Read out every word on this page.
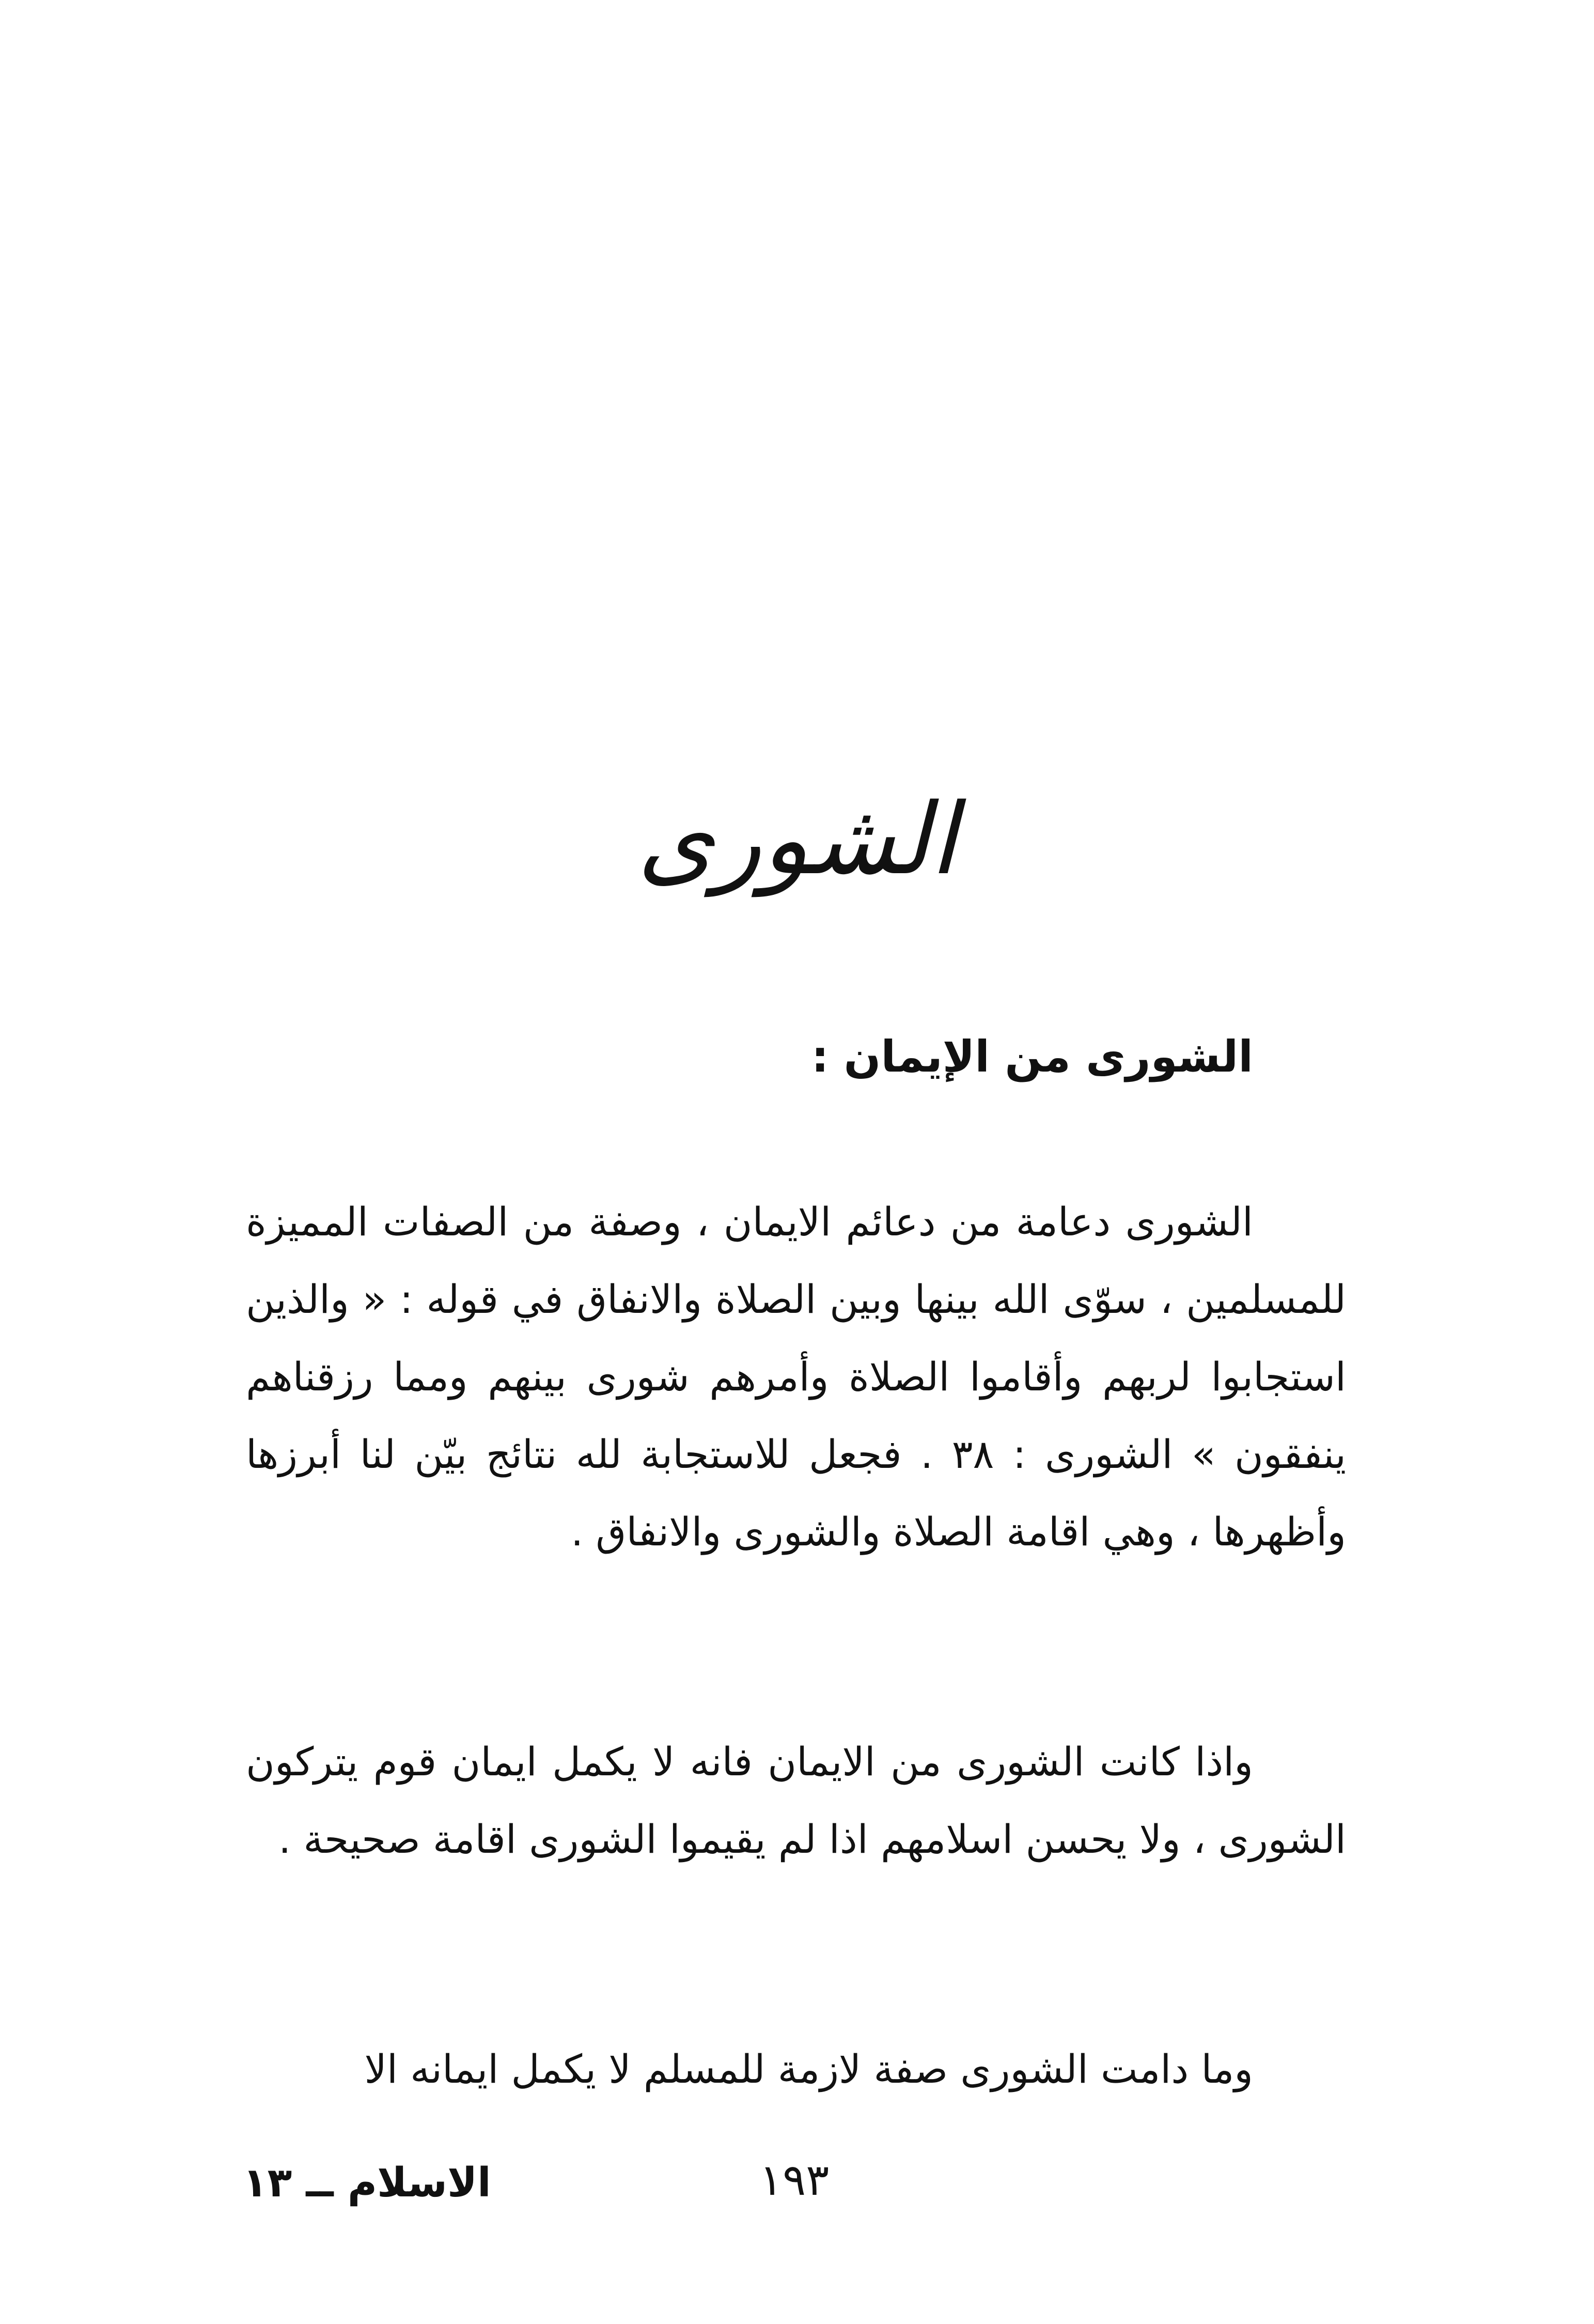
الشورى
الشورى من الإيمان :
الشورى دعامة من دعائم الايمان ، وصفة من الصفات المميزة للمسلمين ، سوّى الله بينها وبين الصلاة والانفاق في قوله : « والذين استجابوا لربهم وأقاموا الصلاة وأمرهم شورى بينهم ومما رزقناهم ينفقون » الشورى : ٣٨ . فجعل للاستجابة لله نتائج بيّن لنا أبرزها وأظهرها ، وهي اقامة الصلاة والشورى والانفاق .
واذا كانت الشورى من الايمان فانه لا يكمل ايمان قوم يتركون الشورى ، ولا يحسن اسلامهم اذا لم يقيموا الشورى اقامة صحيحة .
وما دامت الشورى صفة لازمة للمسلم لا يكمل ايمانه الا
الاسلام ــ ١٣	١٩٣
